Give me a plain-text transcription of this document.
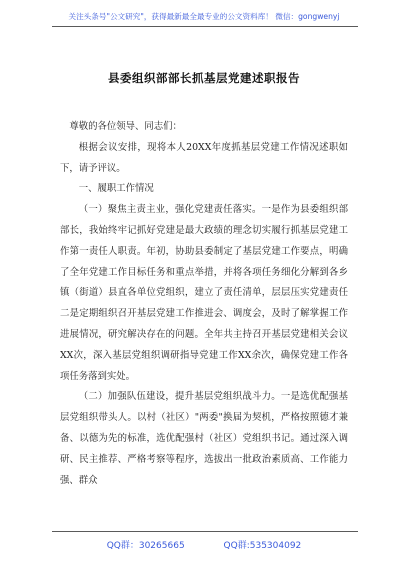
关注头条号"公文研究"，获得最新最全最专业的公文资料库！ 微信：gongwenyj
县委组织部部长抓基层党建述职报告

尊敬的各位领导、同志们：

根据会议安排，现将本人20XX年度抓基层党建工作情况述职如下，请予评议。

一、履职工作情况

（一）聚焦主责主业，强化党建责任落实。一是作为县委组织部部长，我始终牢记抓好党建是最大政绩的理念切实履行抓基层党建工作第一责任人职责。年初，协助县委制定了基层党建工作要点，明确了全年党建工作目标任务和重点举措，并将各项任务细化分解到各乡镇（街道）县直各单位党组织，建立了责任清单，层层压实党建责任二是定期组织召开基层党建工作推进会、调度会，及时了解掌握工作进展情况，研究解决存在的问题。全年共主持召开基层党建相关会议XX次，深入基层党组织调研指导党建工作XX余次，确保党建工作各项任务落到实处。

（二）加强队伍建设，提升基层党组织战斗力。一是选优配强基层党组织带头人。以村（社区）"两委"换届为契机，严格按照德才兼备、以德为先的标准，选优配强村（社区）党组织书记。通过深入调研、民主推荐、严格考察等程序，选拔出一批政治素质高、工作能力强、群众

QQ群：30265665	QQ群:535304092
